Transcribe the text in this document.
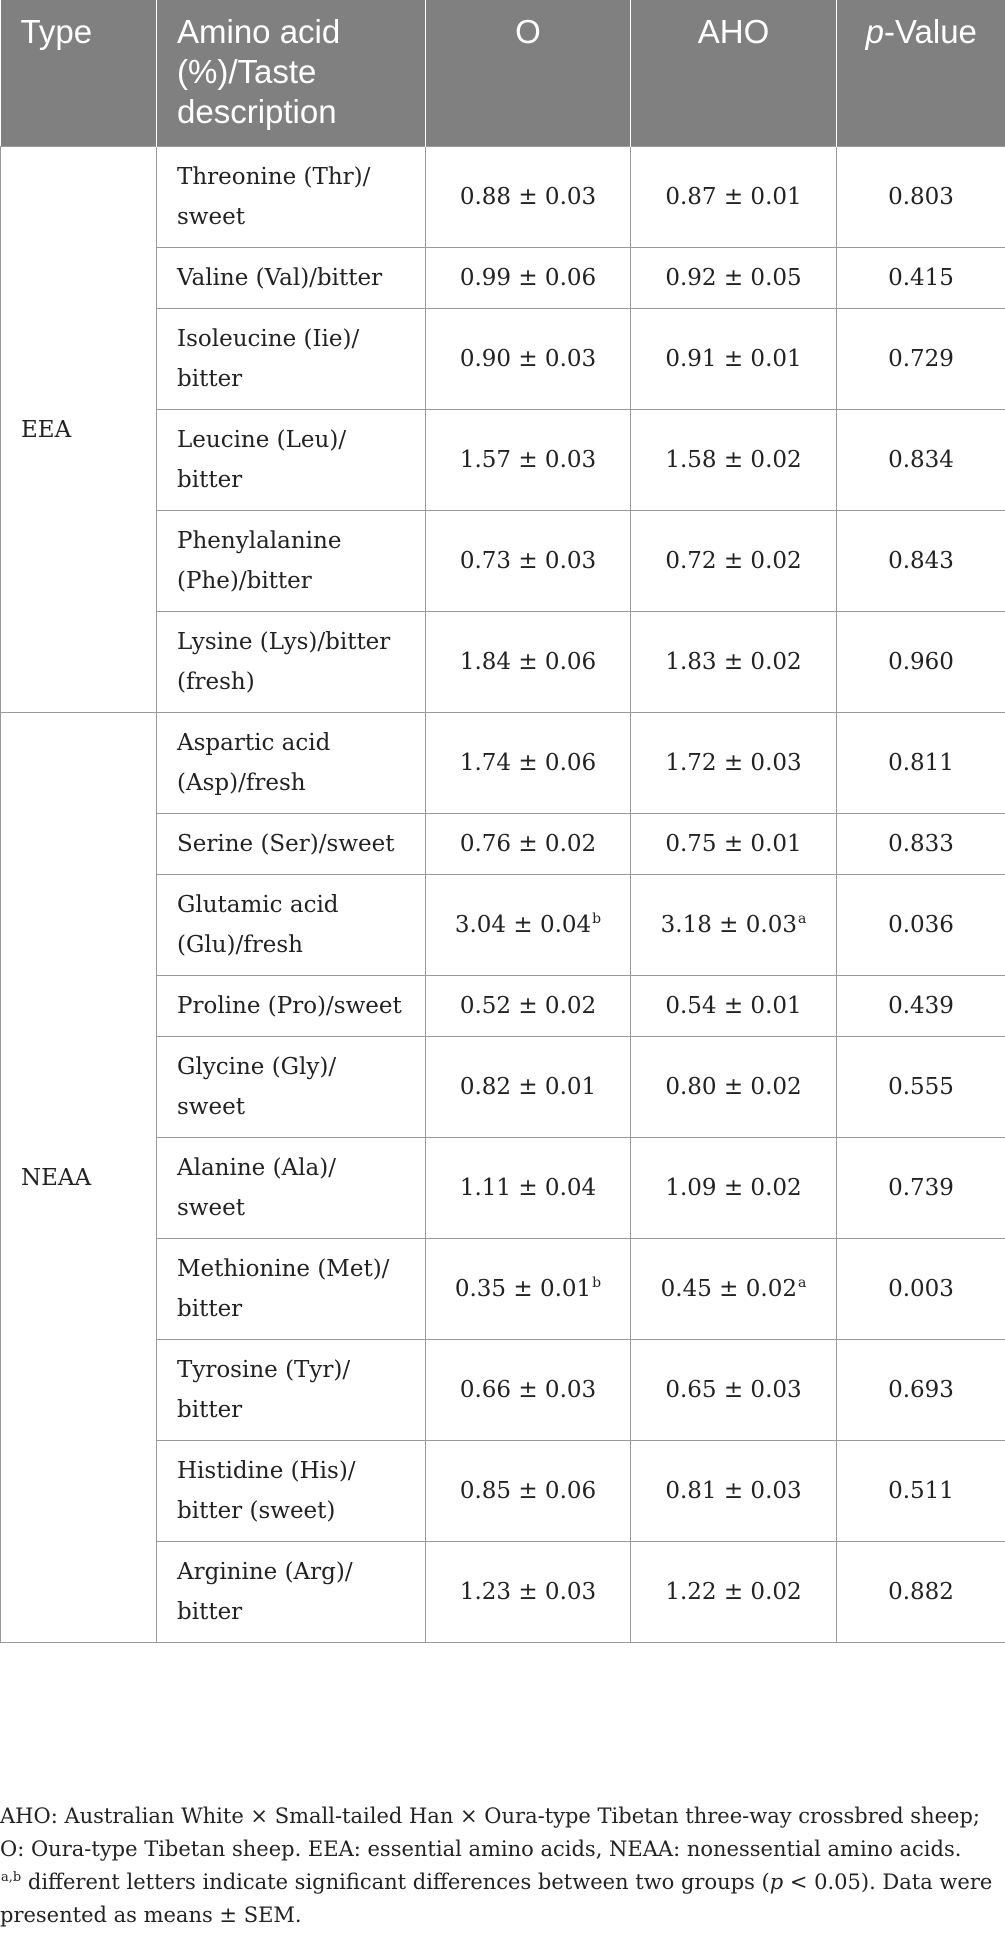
Type	Amino acid (%)/Taste description	O	AHO	p-Value
EEA	Threonine (Thr)/ sweet	0.88 ± 0.03	0.87 ± 0.01	0.803
	Valine (Val)/bitter	0.99 ± 0.06	0.92 ± 0.05	0.415
	Isoleucine (Iie)/ bitter	0.90 ± 0.03	0.91 ± 0.01	0.729
	Leucine (Leu)/ bitter	1.57 ± 0.03	1.58 ± 0.02	0.834
	Phenylalanine (Phe)/bitter	0.73 ± 0.03	0.72 ± 0.02	0.843
	Lysine (Lys)/bitter (fresh)	1.84 ± 0.06	1.83 ± 0.02	0.960
NEAA	Aspartic acid (Asp)/fresh	1.74 ± 0.06	1.72 ± 0.03	0.811
	Serine (Ser)/sweet	0.76 ± 0.02	0.75 ± 0.01	0.833
	Glutamic acid (Glu)/fresh	3.04 ± 0.04$^b$	3.18 ± 0.03$^a$	0.036
	Proline (Pro)/sweet	0.52 ± 0.02	0.54 ± 0.01	0.439
	Glycine (Gly)/ sweet	0.82 ± 0.01	0.80 ± 0.02	0.555
	Alanine (Ala)/ sweet	1.11 ± 0.04	1.09 ± 0.02	0.739
	Methionine (Met)/ bitter	0.35 ± 0.01$^b$	0.45 ± 0.02$^a$	0.003
	Tyrosine (Tyr)/ bitter	0.66 ± 0.03	0.65 ± 0.03	0.693
	Histidine (His)/ bitter (sweet)	0.85 ± 0.06	0.81 ± 0.03	0.511
	Arginine (Arg)/ bitter	1.23 ± 0.03	1.22 ± 0.02	0.882

AHO: Australian White × Small-tailed Han × Oura-type Tibetan three-way crossbred sheep; O: Oura-type Tibetan sheep. EEA: essential amino acids, NEAA: nonessential amino acids.

$^{a,b}$ different letters indicate significant differences between two groups (p < 0.05). Data were presented as means ± SEM.
